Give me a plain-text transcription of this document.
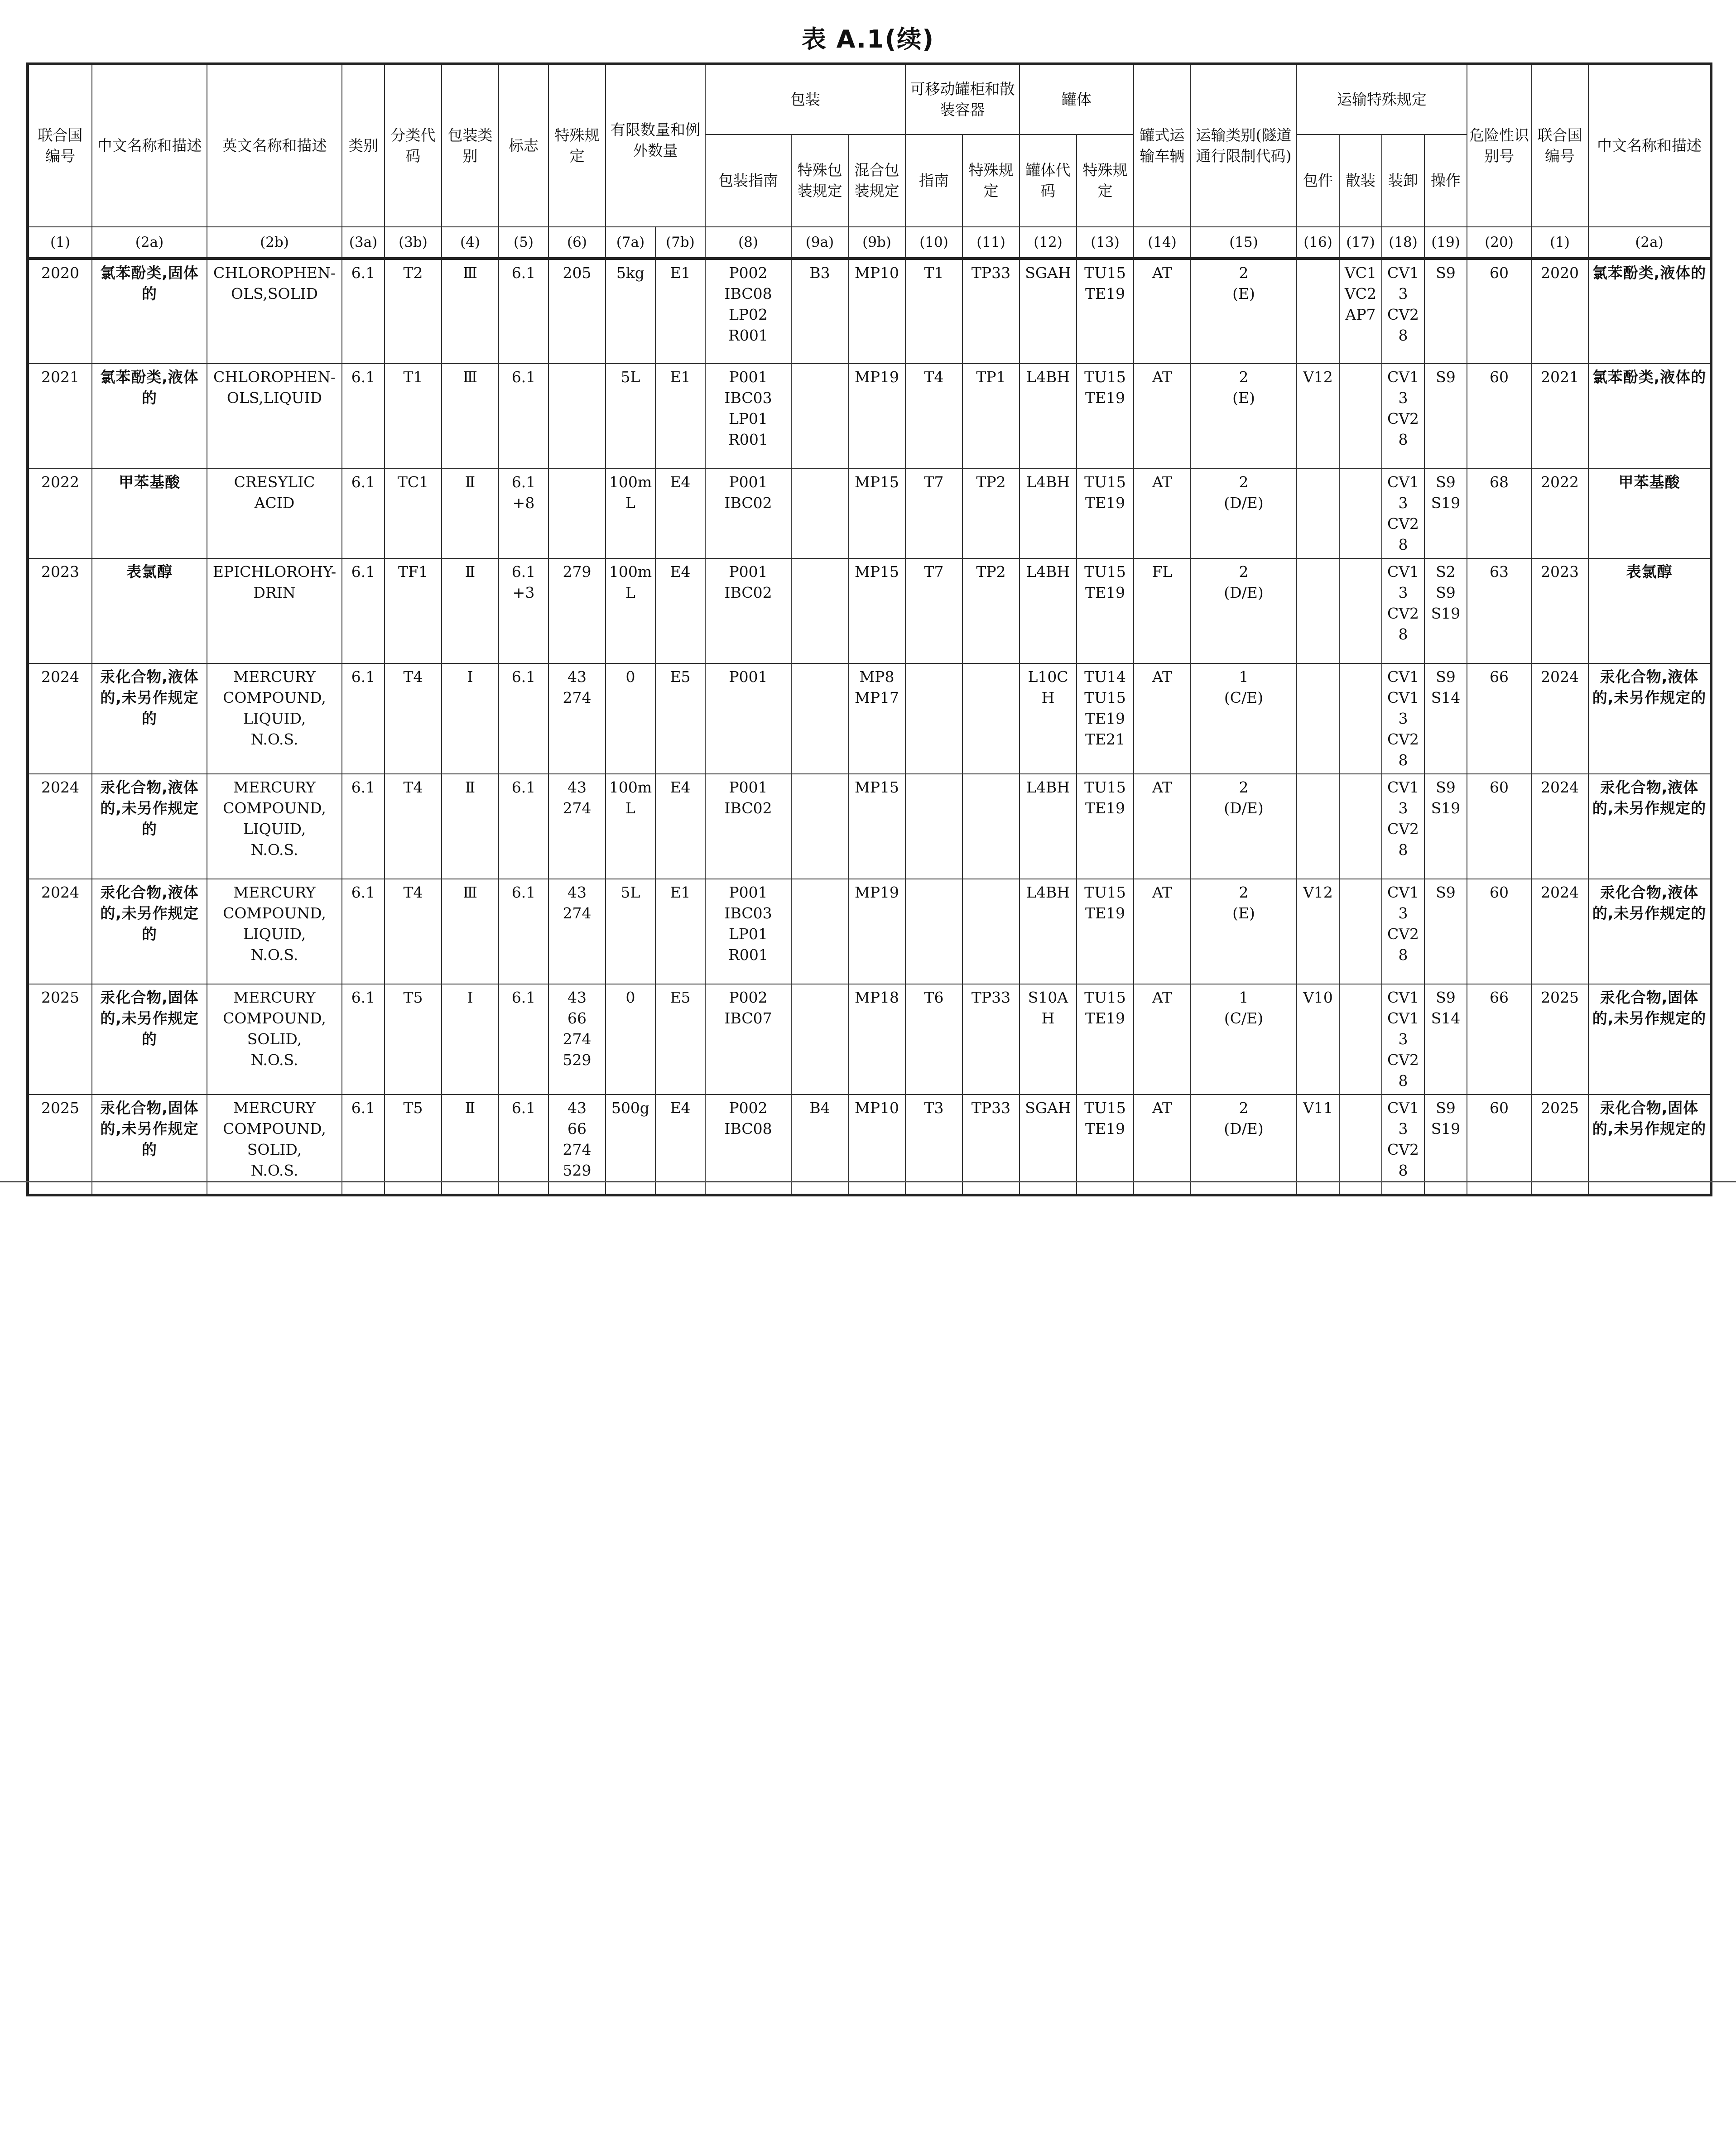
表 A.1(续)
联合国编号	中文名称和描述	英文名称和描述	类别	分类代码	包装类别	标志	特殊规定	有限数量和例外数量		包装			可移动罐柜和散装容器		罐体		罐式运输车辆	运输类别(隧道通行限制代码)	运输特殊规定				危险性识别号	联合国编号	中文名称和描述
										包装指南	特殊包装规定	混合包装规定	指南	特殊规定	罐体代码	特殊规定			包件	散装	装卸	操作			
(1)	(2a)	(2b)	(3a)	(3b)	(4)	(5)	(6)	(7a)	(7b)	(8)	(9a)	(9b)	(10)	(11)	(12)	(13)	(14)	(15)	(16)	(17)	(18)	(19)	(20)	(1)	(2a)
2020	氯苯酚类,固体的	CHLOROPHEN-
OLS,SOLID	6.1	T2	Ⅲ	6.1	205	5kg	E1	P002
IBC08
LP02
R001	B3	MP10	T1	TP33	SGAH	TU15
TE19	AT	2
(E)		VC1
VC2
AP7	CV13
CV28	S9	60	2020	氯苯酚类,液体的
2021	氯苯酚类,液体的	CHLOROPHEN-
OLS,LIQUID	6.1	T1	Ⅲ	6.1		5L	E1	P001
IBC03
LP01
R001		MP19	T4	TP1	L4BH	TU15
TE19	AT	2
(E)	V12		CV13
CV28	S9	60	2021	氯苯酚类,液体的
2022	甲苯基酸	CRESYLIC
ACID	6.1	TC1	Ⅱ	6.1
+8		100mL	E4	P001
IBC02		MP15	T7	TP2	L4BH	TU15
TE19	AT	2
(D/E)			CV13
CV28	S9
S19	68	2022	甲苯基酸
2023	表氯醇	EPICHLOROHY-
DRIN	6.1	TF1	Ⅱ	6.1
+3	279	100mL	E4	P001
IBC02		MP15	T7	TP2	L4BH	TU15
TE19	FL	2
(D/E)			CV13
CV28	S2
S9
S19	63	2023	表氯醇
2024	汞化合物,液体的,未另作规定的	MERCURY
COMPOUND,
LIQUID,
N.O.S.	6.1	T4	Ⅰ	6.1	43
274	0	E5	P001		MP8
MP17			L10CH	TU14
TU15
TE19
TE21	AT	1
(C/E)			CV1
CV13
CV28	S9
S14	66	2024	汞化合物,液体的,未另作规定的
2024	汞化合物,液体的,未另作规定的	MERCURY
COMPOUND,
LIQUID,
N.O.S.	6.1	T4	Ⅱ	6.1	43
274	100mL	E4	P001
IBC02		MP15			L4BH	TU15
TE19	AT	2
(D/E)			CV13
CV28	S9
S19	60	2024	汞化合物,液体的,未另作规定的
2024	汞化合物,液体的,未另作规定的	MERCURY
COMPOUND,
LIQUID,
N.O.S.	6.1	T4	Ⅲ	6.1	43
274	5L	E1	P001
IBC03
LP01
R001		MP19			L4BH	TU15
TE19	AT	2
(E)	V12		CV13
CV28	S9	60	2024	汞化合物,液体的,未另作规定的
2025	汞化合物,固体的,未另作规定的	MERCURY
COMPOUND,
SOLID,
N.O.S.	6.1	T5	Ⅰ	6.1	43
66
274
529	0	E5	P002
IBC07		MP18	T6	TP33	S10AH	TU15
TE19	AT	1
(C/E)	V10		CV1
CV13
CV28	S9
S14	66	2025	汞化合物,固体的,未另作规定的
2025	汞化合物,固体的,未另作规定的	MERCURY
COMPOUND,
SOLID,
N.O.S.	6.1	T5	Ⅱ	6.1	43
66
274
529	500g	E4	P002
IBC08	B4	MP10	T3	TP33	SGAH	TU15
TE19	AT	2
(D/E)	V11		CV13
CV28	S9
S19	60	2025	汞化合物,固体的,未另作规定的
